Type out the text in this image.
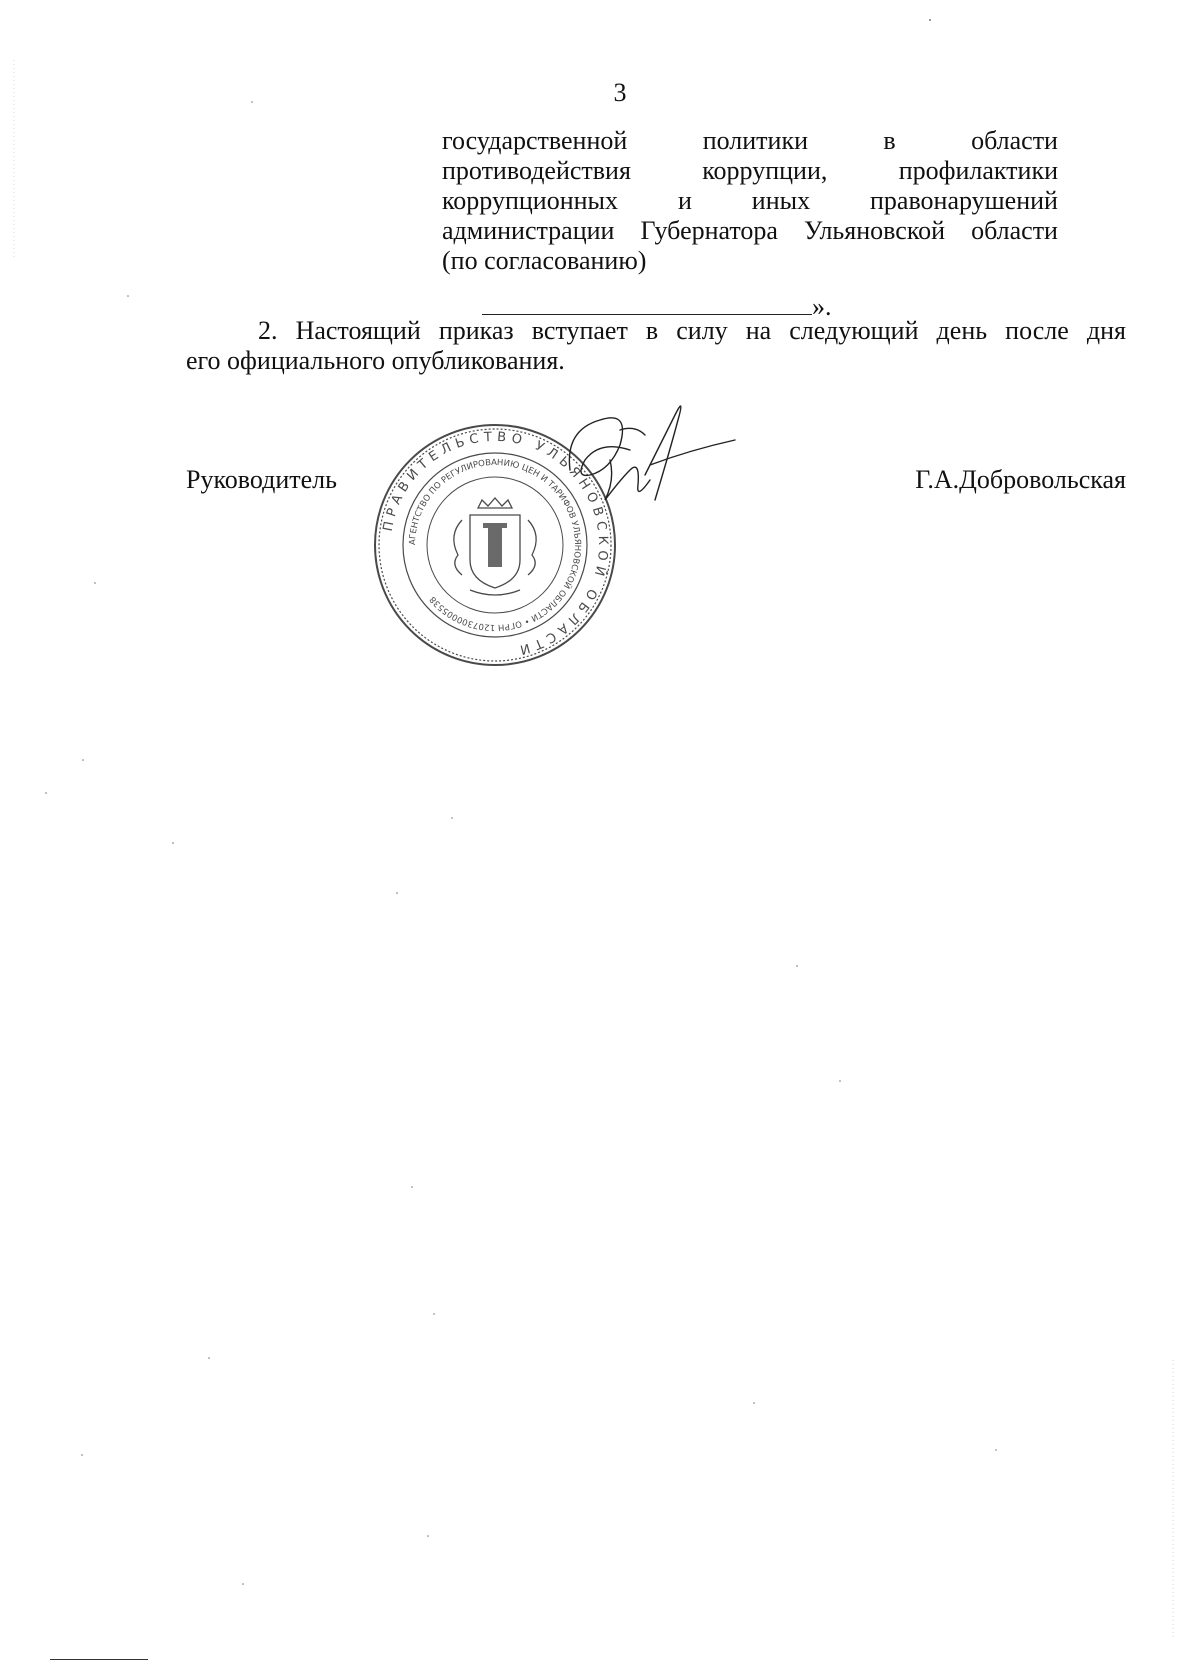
3
государственной	политики	в	области
противодействия	коррупции,	профилактики
коррупционных и иных правонарушений
администрации Губернатора Ульяновской области
(по согласованию)
».
2. Настоящий приказ вступает в силу на следующий день после дня
его официального опубликования.
Руководитель	Г.А.Добровольская
ПРАВИТЕЛЬСТВО УЛЬЯНОВСКОЙ ОБЛАСТИ
АГЕНТСТВО ПО РЕГУЛИРОВАНИЮ ЦЕН И ТАРИФОВ УЛЬЯНОВСКОЙ ОБЛАСТИ • ОГРН 1207300005538
